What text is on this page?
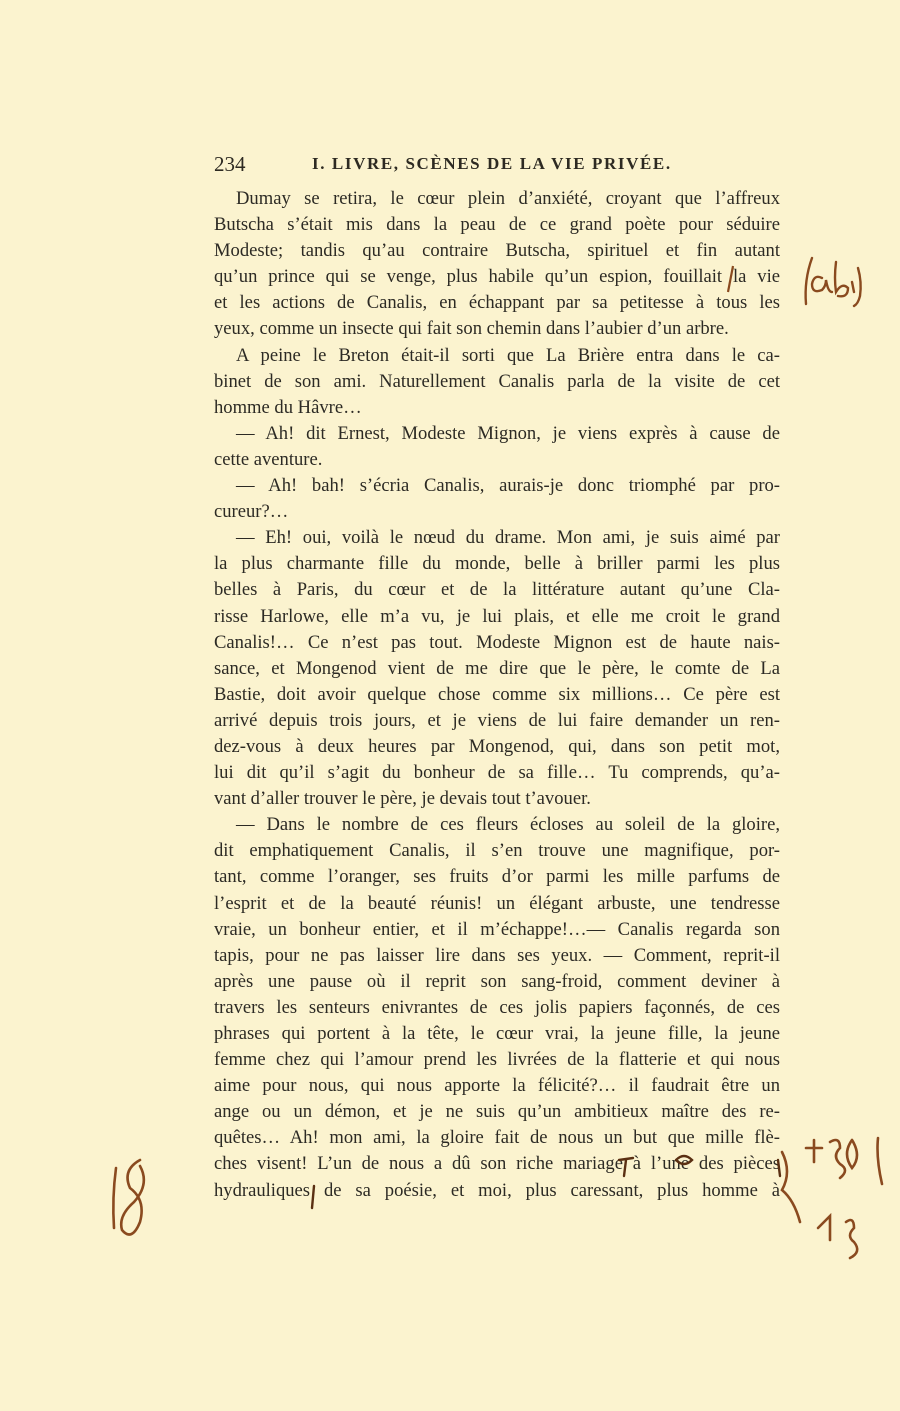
234	I. LIVRE, SCÈNES DE LA VIE PRIVÉE.
Dumay se retira, le cœur plein d’anxiété, croyant que l’affreux
Butscha s’était mis dans la peau de ce grand poète pour séduire
Modeste; tandis qu’au contraire Butscha, spirituel et fin autant
qu’un prince qui se venge, plus habile qu’un espion, fouillait la vie
et les actions de Canalis, en échappant par sa petitesse à tous les
yeux, comme un insecte qui fait son chemin dans l’aubier d’un arbre.
A peine le Breton était-il sorti que La Brière entra dans le ca-
binet de son ami. Naturellement Canalis parla de la visite de cet
homme du Hâvre…
— Ah! dit Ernest, Modeste Mignon, je viens exprès à cause de
cette aventure.
— Ah! bah! s’écria Canalis, aurais-je donc triomphé par pro-
cureur?…
— Eh! oui, voilà le nœud du drame. Mon ami, je suis aimé par
la plus charmante fille du monde, belle à briller parmi les plus
belles à Paris, du cœur et de la littérature autant qu’une Cla-
risse Harlowe, elle m’a vu, je lui plais, et elle me croit le grand
Canalis!… Ce n’est pas tout. Modeste Mignon est de haute nais-
sance, et Mongenod vient de me dire que le père, le comte de La
Bastie, doit avoir quelque chose comme six millions… Ce père est
arrivé depuis trois jours, et je viens de lui faire demander un ren-
dez-vous à deux heures par Mongenod, qui, dans son petit mot,
lui dit qu’il s’agit du bonheur de sa fille… Tu comprends, qu’a-
vant d’aller trouver le père, je devais tout t’avouer.
— Dans le nombre de ces fleurs écloses au soleil de la gloire,
dit emphatiquement Canalis, il s’en trouve une magnifique, por-
tant, comme l’oranger, ses fruits d’or parmi les mille parfums de
l’esprit et de la beauté réunis! un élégant arbuste, une tendresse
vraie, un bonheur entier, et il m’échappe!…— Canalis regarda son
tapis, pour ne pas laisser lire dans ses yeux. — Comment, reprit-il
après une pause où il reprit son sang-froid, comment deviner à
travers les senteurs enivrantes de ces jolis papiers façonnés, de ces
phrases qui portent à la tête, le cœur vrai, la jeune fille, la jeune
femme chez qui l’amour prend les livrées de la flatterie et qui nous
aime pour nous, qui nous apporte la félicité?… il faudrait être un
ange ou un démon, et je ne suis qu’un ambitieux maître des re-
quêtes… Ah! mon ami, la gloire fait de nous un but que mille flè-
ches visent! L’un de nous a dû son riche mariage à l’une des pièces
hydrauliques de sa poésie, et moi, plus caressant, plus homme à
